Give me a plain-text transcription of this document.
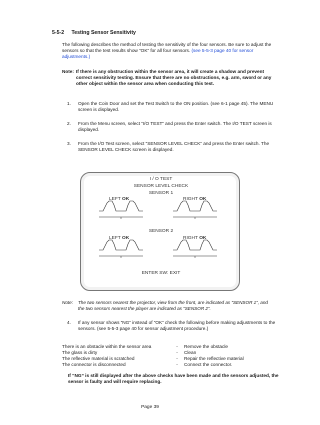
5-5-2 Testing Sensor Sensitivity
The following describes the method of testing the sensitivity of the four sensors. Be sure to adjust the sensors so that the test results show “OK” for all four sensors. (see 5-5-3 page 40 for sensor adjustments.)
Note: If there is any obstruction within the sensor area, it will create a shadow and prevent correct sensitivity testing. Ensure that there are no obstructions, e.g. arm, sword or any other object within the sensor area when conducting this test.
1. Open the Coin Door and set the Test Switch to the ON position. (see 6-1 page 45). The MENU screen is displayed.
2. From the Menu screen, select “I/O TEST” and press the Enter switch. The I/O TEST screen is displayed.
3. From the I/O Test screen, select “SENSOR LEVEL CHECK” and press the Enter switch. The SENSOR LEVEL CHECK screen is displayed.
I / O TEST
SENSOR LEVEL CHECK
SENSOR 1
LEFT OK	RIGHT OK
SENSOR 2
LEFT OK	RIGHT OK
ENTER SW: EXIT
Note: The two sensors nearest the projector, view from the front, are indicated as “SENSOR 1”, and the two sensors nearest the player are indicated as “SENSOR 2”.
4. If any sensor shows “NG” instead of “OK” check the following before making adjustments to the sensors. (see 5-5-3 page 40 for sensor adjustment procedure.)
There is an obstacle within the sensor area	-	Remove the obstacle
The glass is dirty	-	Clean
The reflective material is scratched	-	Repair the reflective material
The connector is disconnected	-	Connect the connector.
If “NG” is still displayed after the above checks have been made and the sensors adjusted, the sensor is faulty and will require replacing.
Page 39
